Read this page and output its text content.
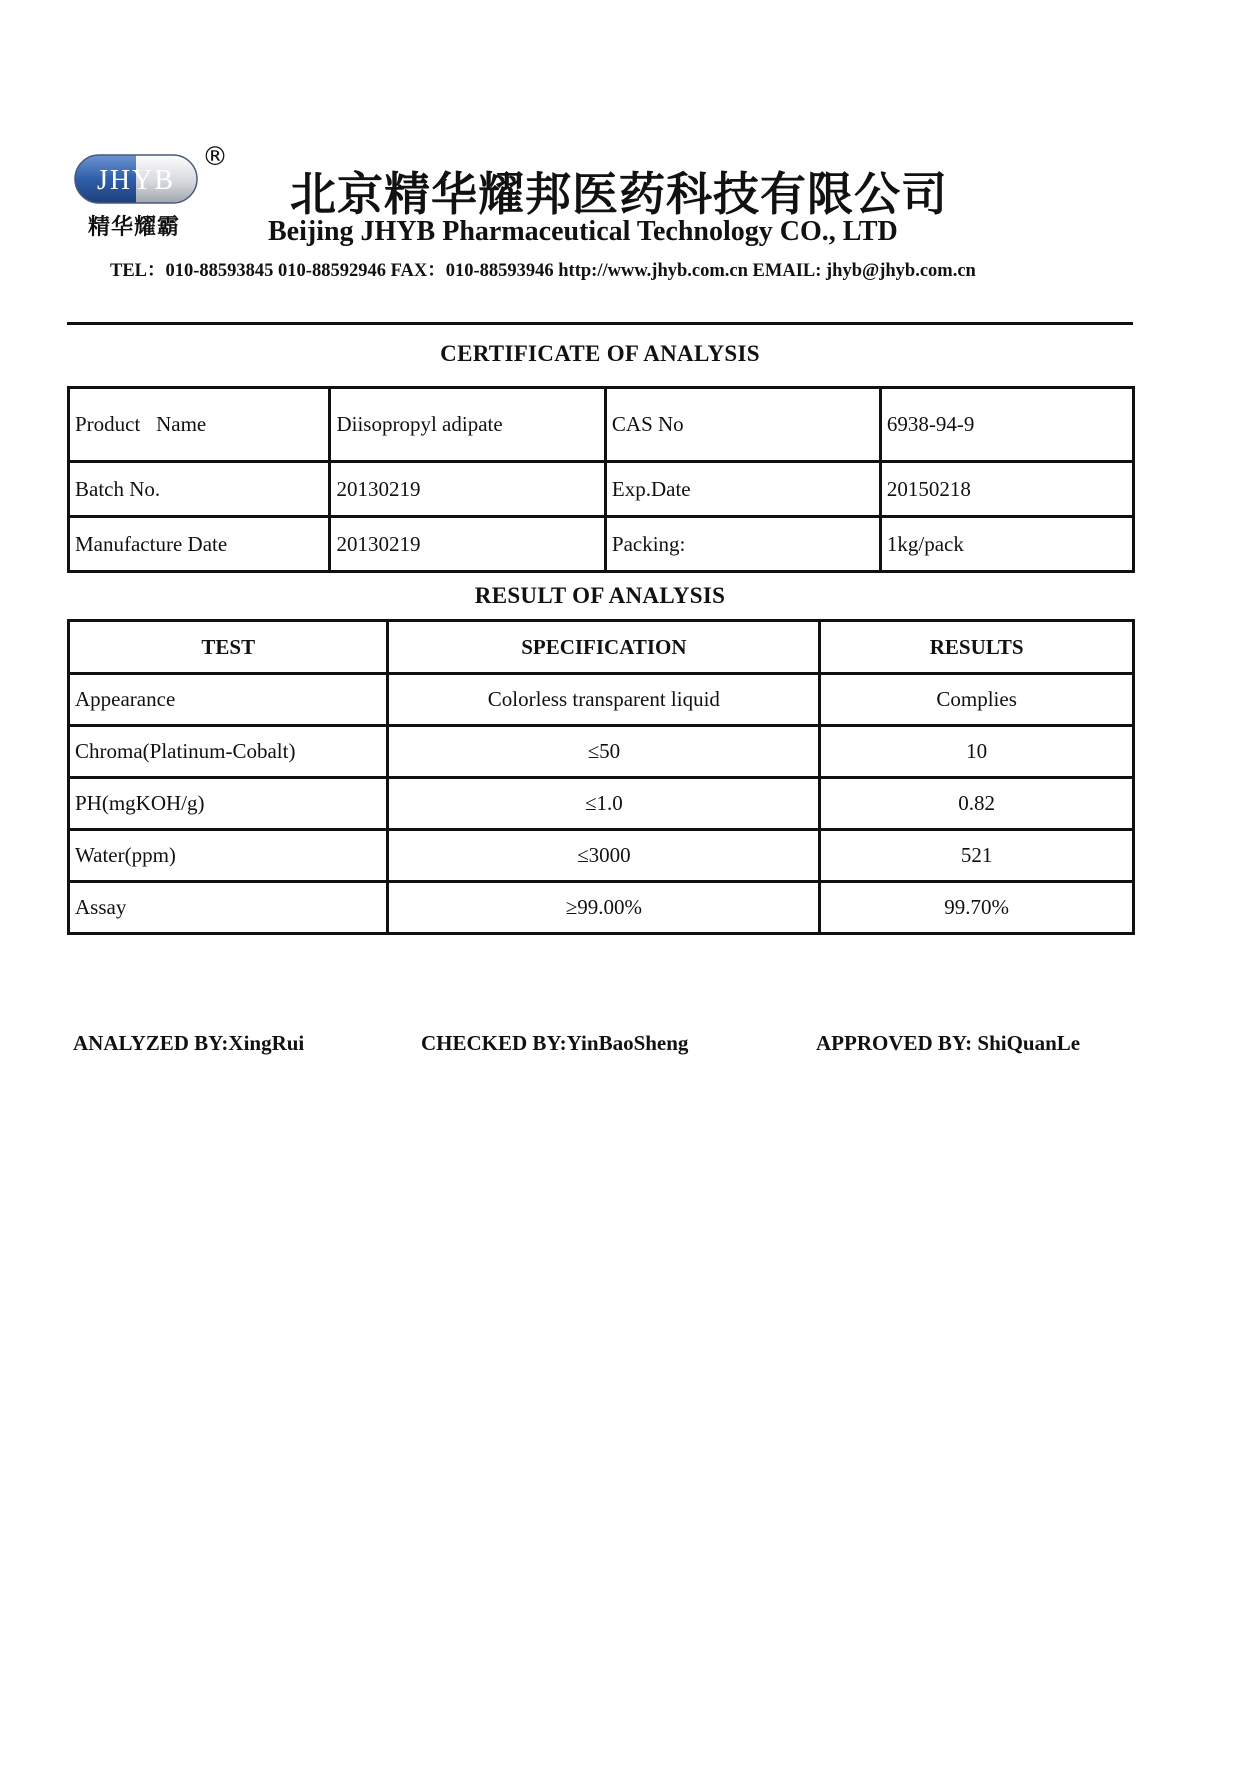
JHYB
精华耀霸
®
北京精华耀邦医药科技有限公司
Beijing JHYB Pharmaceutical Technology CO., LTD
TEL：010-88593845 010-88592946 FAX：010-88593946 http://www.jhyb.com.cn EMAIL: jhyb@jhyb.com.cn
CERTIFICATE OF ANALYSIS
Product   Name	Diisopropyl adipate	CAS No	6938-94-9
Batch No.	20130219	Exp.Date	20150218
Manufacture Date	20130219	Packing:	1kg/pack
RESULT OF ANALYSIS
TEST	SPECIFICATION	RESULTS
Appearance	Colorless transparent liquid	Complies
Chroma(Platinum-Cobalt)	≤50	10
PH(mgKOH/g)	≤1.0	0.82
Water(ppm)	≤3000	521
Assay	≥99.00%	99.70%
ANALYZED BY:XingRui	CHECKED BY:YinBaoSheng	APPROVED BY: ShiQuanLe
